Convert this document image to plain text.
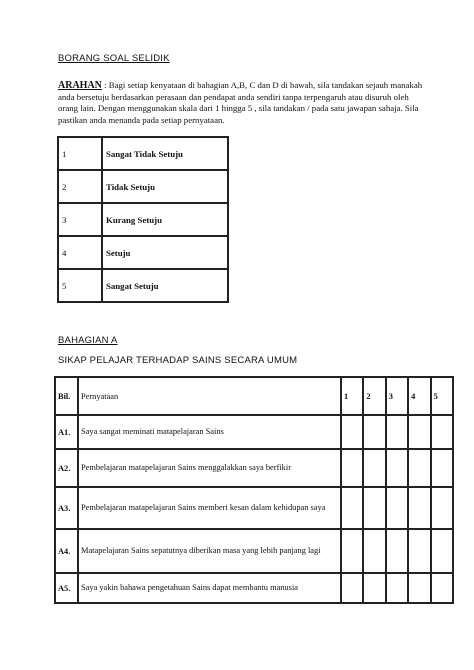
BORANG SOAL SELIDIK
ARAHAN : Bagi setiap kenyataan di bahagian A,B, C dan D di bawah, sila tandakan sejauh manakah anda bersetuju berdasarkan perasaan dan pendapat anda sendiri tanpa terpengaruh atau disuruh oleh orang lain. Dengan menggunakan skala dari 1 hingga 5 , sila tandakan / pada satu jawapan sahaja. Sila pastikan anda menanda pada setiap pernyataan.
1	Sangat Tidak Setuju
2	Tidak Setuju
3	Kurang Setuju
4	Setuju
5	Sangat Setuju
BAHAGIAN A
SIKAP PELAJAR TERHADAP SAINS SECARA UMUM
Bil.	Pernyataan	1	2	3	4	5
A1.	Saya sangat meminati matapelajaran Sains					
A2.	Pembelajaran matapelajaran Sains menggalakkan saya berfikir					
A3.	Pembelajaran matapelajaran Sains memberi kesan dalam kehidupan saya					
A4.	Matapelajaran Sains sepatutnya diberikan masa yang lebih panjang lagi					
A5.	Saya yakin bahawa pengetahuan Sains dapat membantu manusia					
